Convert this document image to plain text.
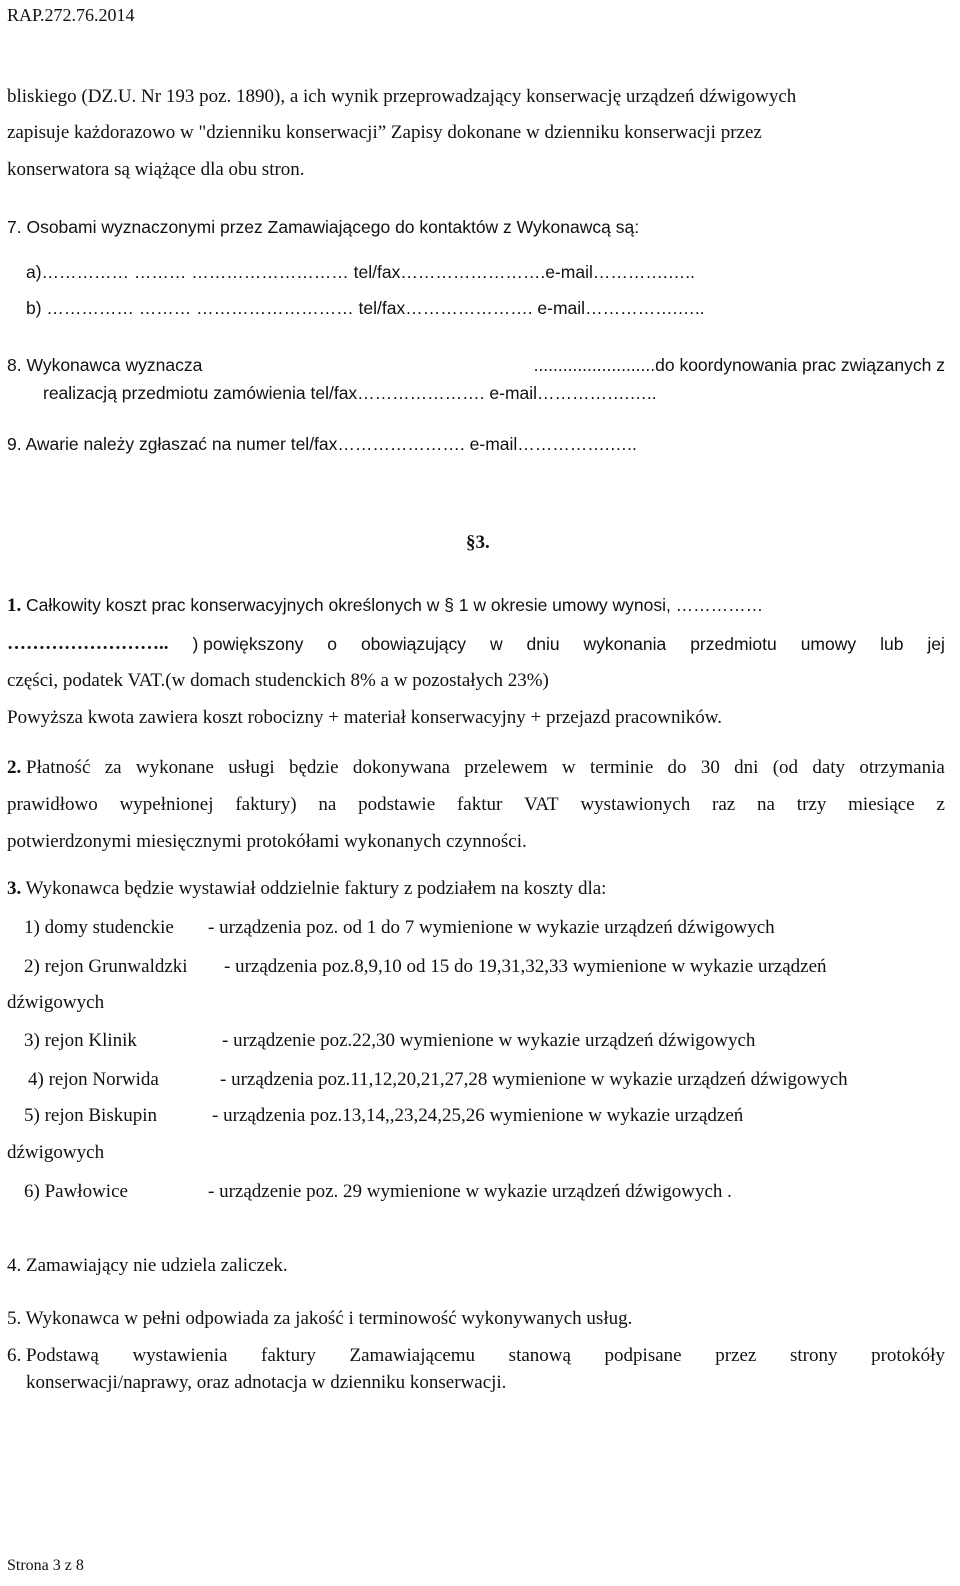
RAP.272.76.2014
bliskiego (DZ.U. Nr 193 poz. 1890), a ich wynik przeprowadzający konserwację urządzeń dźwigowych
zapisuje każdorazowo w "dzienniku konserwacji” Zapisy dokonane w dzienniku konserwacji przez
konserwatora są wiążące dla obu stron.
7. Osobami wyznaczonymi przez Zamawiającego do kontaktów z Wykonawcą są:
a)…………… ……… ……………………… tel/fax…………………….e-mail………….…..
b) …………… ……… ……………………… tel/fax…………………. e-mail…………….…..
8. Wykonawca wyznacza	.........................do koordynowania prac związanych z
realizacją przedmiotu zamówienia tel/fax…………………. e-mail…………….…..
9. Awarie należy zgłaszać na numer tel/fax…………………. e-mail…………….…..
§3.
1. Całkowity koszt prac konserwacyjnych określonych w § 1 w okresie umowy wynosi, ……………
…………………….. ) powiększony o obowiązujący w dniu wykonania przedmiotu umowy lub jej
części, podatek VAT.(w domach studenckich 8% a w pozostałych 23%)
Powyższa kwota zawiera koszt robocizny + materiał konserwacyjny + przejazd pracowników.
2. Płatność za wykonane usługi będzie dokonywana przelewem w terminie do 30 dni (od daty otrzymania
prawidłowo wypełnionej faktury) na podstawie faktur VAT wystawionych raz na trzy miesiące z
potwierdzonymi miesięcznymi protokółami wykonanych czynności.
3. Wykonawca będzie wystawiał oddzielnie faktury z podziałem na koszty dla:
1) domy studenckie - urządzenia poz. od 1 do 7 wymienione w wykazie urządzeń dźwigowych
2) rejon Grunwaldzki - urządzenia poz.8,9,10 od 15 do 19,31,32,33 wymienione w wykazie urządzeń
dźwigowych
3) rejon Klinik	- urządzenie poz.22,30 wymienione w wykazie urządzeń dźwigowych
4) rejon Norwida	- urządzenia poz.11,12,20,21,27,28 wymienione w wykazie urządzeń dźwigowych
5) rejon Biskupin	- urządzenia poz.13,14,,23,24,25,26 wymienione w wykazie urządzeń
dźwigowych
6) Pawłowice	- urządzenie poz. 29 wymienione w wykazie urządzeń dźwigowych .
4. Zamawiający nie udziela zaliczek.
5. Wykonawca w pełni odpowiada za jakość i terminowość wykonywanych usług.
6. Podstawą wystawienia faktury Zamawiającemu stanową podpisane przez strony protokóły
konserwacji/naprawy, oraz adnotacja w dzienniku konserwacji.
Strona 3 z 8
